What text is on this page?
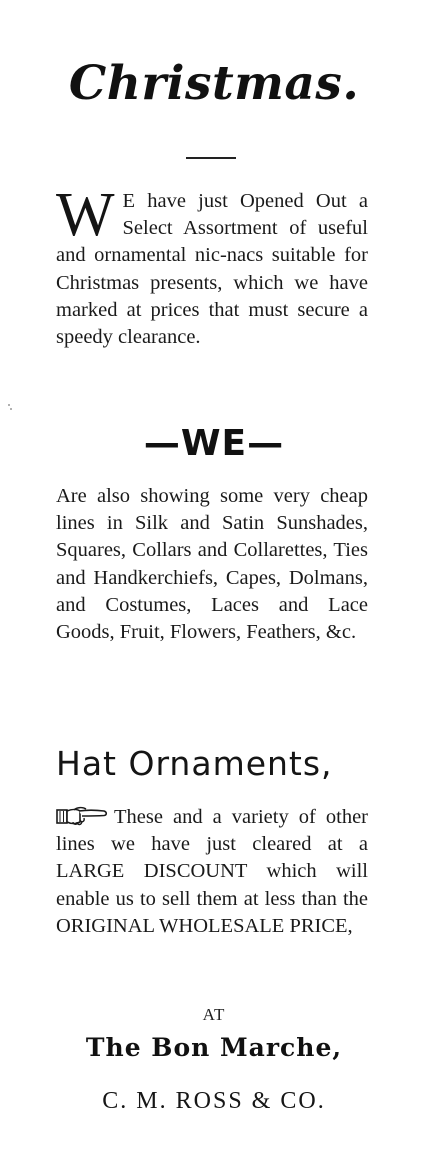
Christmas.
W E have just Opened Out a Select Assortment of useful and ornamental nic-nacs suitable for Christmas presents, which we have marked at prices that must secure a speedy clearance.
—WE—
Are also showing some very cheap lines in Silk and Satin Sunshades, Squares, Collars and Collarettes, Ties and Handkerchiefs, Capes, Dolmans, and Costumes, Laces and Lace Goods, Fruit, Flowers, Feathers, &c.
Hat Ornaments,
These and a variety of other lines we have just cleared at a LARGE DISCOUNT which will enable us to sell them at less than the ORIGINAL WHOLESALE PRICE,
AT
The Bon Marche,
C. M. ROSS & CO.
